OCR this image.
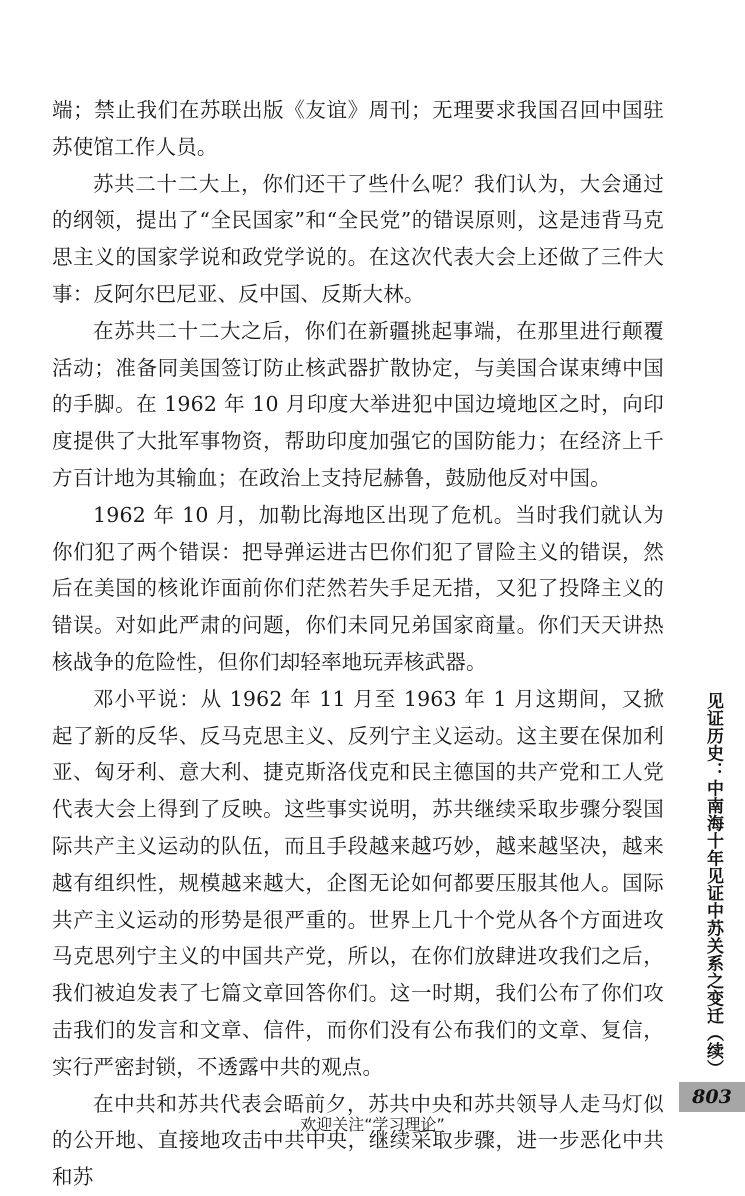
端；禁止我们在苏联出版《友谊》周刊；无理要求我国召回中国驻苏使馆工作人员。

苏共二十二大上，你们还干了些什么呢？我们认为，大会通过的纲领，提出了“全民国家”和“全民党”的错误原则，这是违背马克思主义的国家学说和政党学说的。在这次代表大会上还做了三件大事：反阿尔巴尼亚、反中国、反斯大林。

在苏共二十二大之后，你们在新疆挑起事端，在那里进行颠覆活动；准备同美国签订防止核武器扩散协定，与美国合谋束缚中国的手脚。在 1962 年 10 月印度大举进犯中国边境地区之时，向印度提供了大批军事物资，帮助印度加强它的国防能力；在经济上千方百计地为其输血；在政治上支持尼赫鲁，鼓励他反对中国。

1962 年 10 月，加勒比海地区出现了危机。当时我们就认为你们犯了两个错误：把导弹运进古巴你们犯了冒险主义的错误，然后在美国的核讹诈面前你们茫然若失手足无措，又犯了投降主义的错误。对如此严肃的问题，你们未同兄弟国家商量。你们天天讲热核战争的危险性，但你们却轻率地玩弄核武器。

邓小平说：从 1962 年 11 月至 1963 年 1 月这期间，又掀起了新的反华、反马克思主义、反列宁主义运动。这主要在保加利亚、匈牙利、意大利、捷克斯洛伐克和民主德国的共产党和工人党代表大会上得到了反映。这些事实说明，苏共继续采取步骤分裂国际共产主义运动的队伍，而且手段越来越巧妙，越来越坚决，越来越有组织性，规模越来越大，企图无论如何都要压服其他人。国际共产主义运动的形势是很严重的。世界上几十个党从各个方面进攻马克思列宁主义的中国共产党，所以，在你们放肆进攻我们之后，我们被迫发表了七篇文章回答你们。这一时期，我们公布了你们攻击我们的发言和文章、信件，而你们没有公布我们的文章、复信，实行严密封锁，不透露中共的观点。

在中共和苏共代表会晤前夕，苏共中央和苏共领导人走马灯似的公开地、直接地攻击中共中央，继续采取步骤，进一步恶化中共和苏

见证历史：中南海十年见证中苏关系之变迁（续）
803
欢迎关注“学习理论”
